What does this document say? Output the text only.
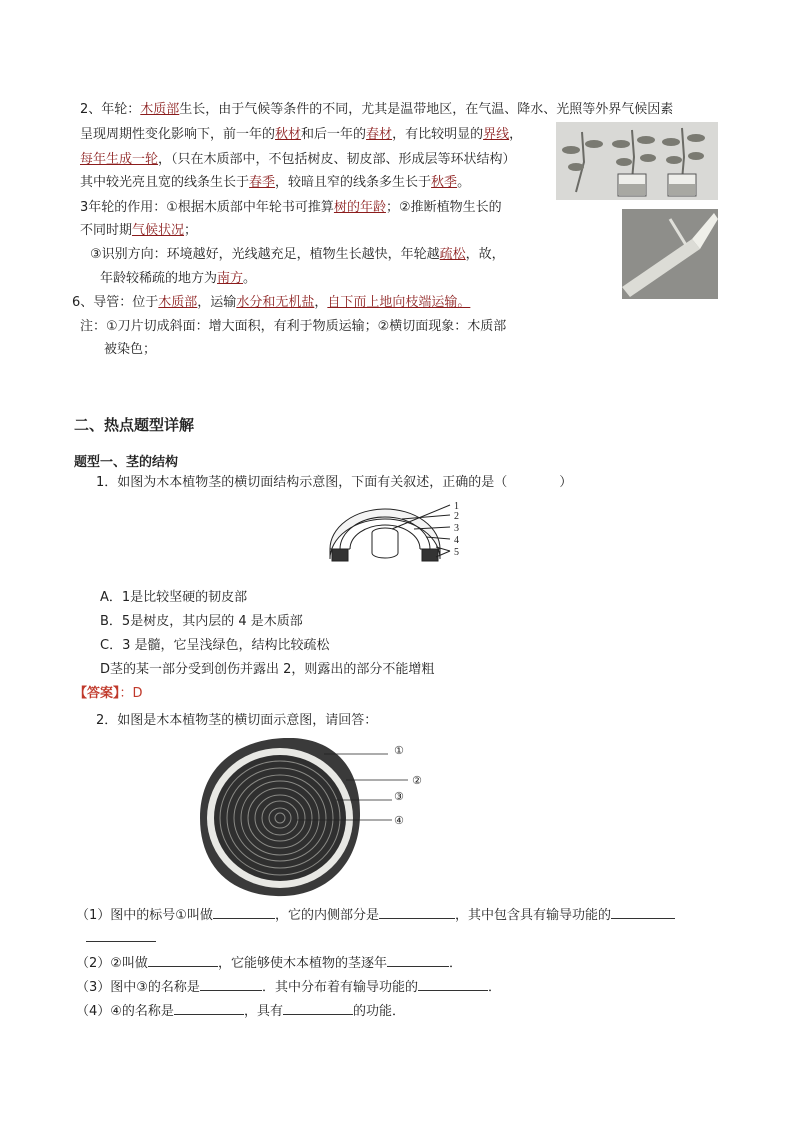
2、年轮：木质部生长，由于气候等条件的不同，尤其是温带地区，在气温、降水、光照等外界气候因素
呈现周期性变化影响下，前一年的秋材和后一年的春材，有比较明显的界线，
每年生成一轮，（只在木质部中，不包括树皮、韧皮部、形成层等环状结构）
其中较光亮且宽的线条生长于春季，较暗且窄的线条多生长于秋季。
3年轮的作用：①根据木质部中年轮书可推算树的年龄；②推断植物生长的
不同时期气候状况；
③识别方向：环境越好，光线越充足，植物生长越快，年轮越疏松，故，
年龄较稀疏的地方为南方。
6、导管：位于木质部，运输水分和无机盐，自下而上地向枝端运输。
注：①刀片切成斜面：增大面积，有利于物质运输；②横切面现象：木质部
被染色；
二、热点题型详解
题型一、茎的结构
1．如图为木本植物茎的横切面结构示意图，下面有关叙述，正确的是（　　　　）
1
2
3
4
5
A．1是比较坚硬的韧皮部
B．5是树皮，其内层的 4 是木质部
C．3 是髓，它呈浅绿色，结构比较疏松
D茎的某一部分受到创伤并露出 2，则露出的部分不能增粗
【答案】：D
2．如图是木本植物茎的横切面示意图，请回答：
①
②
③
④
（1）图中的标号①叫做	，它的内侧部分是	，其中包含具有输导功能的
（2）②叫做	，它能够使木本植物的茎逐年	．
（3）图中③的名称是	．其中分布着有输导功能的	．
（4）④的名称是	，具有	的功能．
